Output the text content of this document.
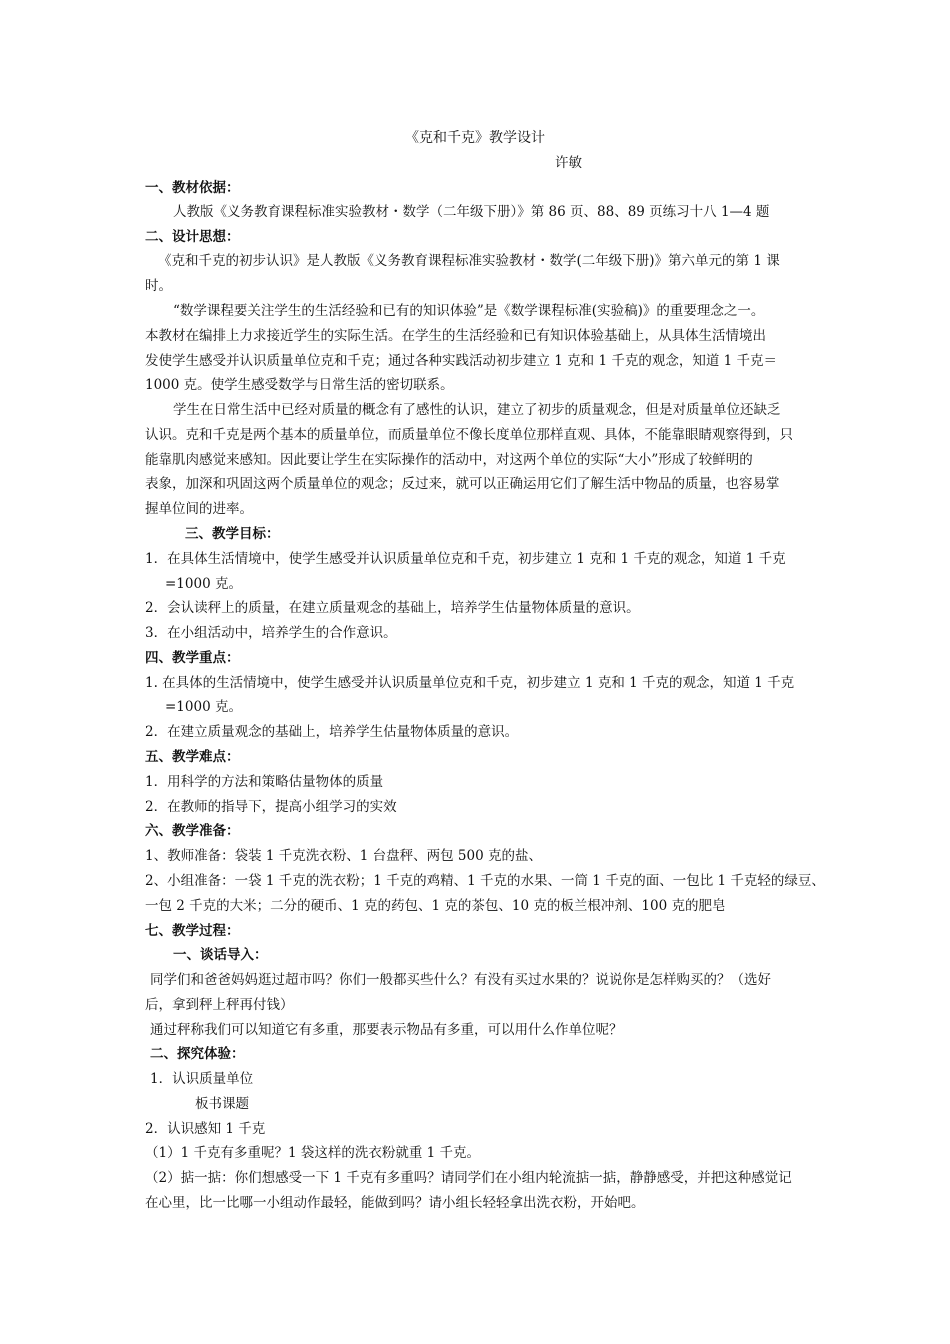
《克和千克》教学设计
许敏
一、教材依据：
人教版《义务教育课程标准实验教材・数学（二年级下册）》第 86 页、88、89 页练习十八 1—4 题
二、设计思想：
《克和千克的初步认识》是人教版《义务教育课程标准实验教材・数学(二年级下册)》第六单元的第 1 课
时。
“数学课程要关注学生的生活经验和已有的知识体验”是《数学课程标准(实验稿)》的重要理念之一。
本教材在编排上力求接近学生的实际生活。在学生的生活经验和已有知识体验基础上，从具体生活情境出
发使学生感受并认识质量单位克和千克；通过各种实践活动初步建立 1 克和 1 千克的观念，知道 1 千克＝
1000 克。使学生感受数学与日常生活的密切联系。
学生在日常生活中已经对质量的概念有了感性的认识，建立了初步的质量观念，但是对质量单位还缺乏
认识。克和千克是两个基本的质量单位，而质量单位不像长度单位那样直观、具体，不能靠眼睛观察得到，只
能靠肌肉感觉来感知。因此要让学生在实际操作的活动中，对这两个单位的实际“大小”形成了较鲜明的
表象，加深和巩固这两个质量单位的观念；反过来，就可以正确运用它们了解生活中物品的质量，也容易掌
握单位间的进率。
三、教学目标：
1．在具体生活情境中，使学生感受并认识质量单位克和千克，初步建立 1 克和 1 千克的观念，知道 1 千克
=1000 克。
2．会认读秤上的质量，在建立质量观念的基础上，培养学生估量物体质量的意识。
3．在小组活动中，培养学生的合作意识。
四、教学重点：
1. 在具体的生活情境中，使学生感受并认识质量单位克和千克，初步建立 1 克和 1 千克的观念，知道 1 千克
=1000 克。
2．在建立质量观念的基础上，培养学生估量物体质量的意识。
五、教学难点：
1．用科学的方法和策略估量物体的质量
2．在教师的指导下，提高小组学习的实效
六、教学准备：
1、教师准备：袋装 1 千克洗衣粉、1 台盘秤、两包 500 克的盐、
2、小组准备：一袋 1 千克的洗衣粉；1 千克的鸡精、1 千克的水果、一筒 1 千克的面、一包比 1 千克轻的绿豆、
一包 2 千克的大米；二分的硬币、1 克的药包、1 克的茶包、10 克的板兰根冲剂、100 克的肥皂
七、教学过程：
一、谈话导入：
同学们和爸爸妈妈逛过超市吗？你们一般都买些什么？有没有买过水果的？说说你是怎样购买的？（选好
后，拿到秤上秤再付钱）
通过秤称我们可以知道它有多重，那要表示物品有多重，可以用什么作单位呢？
二、探究体验：
1．认识质量单位
板书课题
2．认识感知 1 千克
（1）1 千克有多重呢？1 袋这样的洗衣粉就重 1 千克。
（2）掂一掂：你们想感受一下 1 千克有多重吗？请同学们在小组内轮流掂一掂，静静感受，并把这种感觉记
在心里，比一比哪一小组动作最轻，能做到吗？请小组长轻轻拿出洗衣粉，开始吧。
